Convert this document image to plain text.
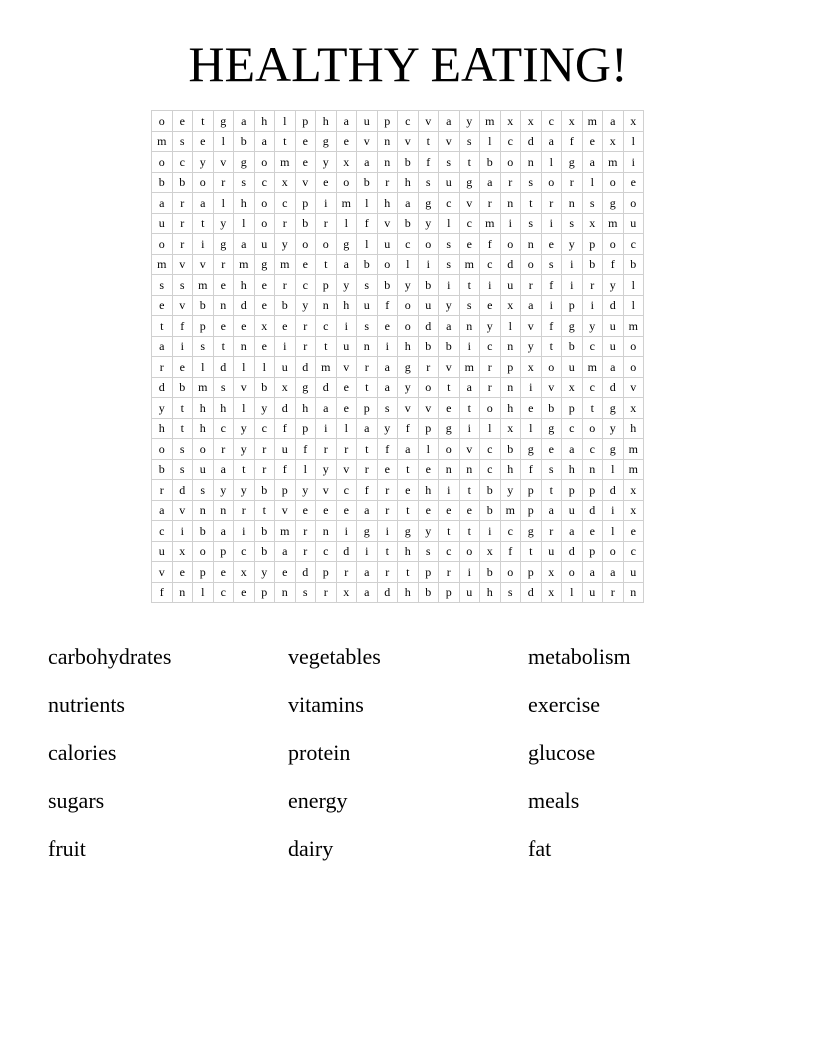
HEALTHY EATING!
o	e	t	g	a	h	l	p	h	a	u	p	c	v	a	y	m	x	x	c	x	m	a	x
m	s	e	l	b	a	t	e	g	e	v	n	v	t	v	s	l	c	d	a	f	e	x	l
o	c	y	v	g	o	m	e	y	x	a	n	b	f	s	t	b	o	n	l	g	a	m	i
b	b	o	r	s	c	x	v	e	o	b	r	h	s	u	g	a	r	s	o	r	l	o	e
a	r	a	l	h	o	c	p	i	m	l	h	a	g	c	v	r	n	t	r	n	s	g	o
u	r	t	y	l	o	r	b	r	l	f	v	b	y	l	c	m	i	s	i	s	x	m	u
o	r	i	g	a	u	y	o	o	g	l	u	c	o	s	e	f	o	n	e	y	p	o	c
m	v	v	r	m	g	m	e	t	a	b	o	l	i	s	m	c	d	o	s	i	b	f	b
s	s	m	e	h	e	r	c	p	y	s	b	y	b	i	t	i	u	r	f	i	r	y	l
e	v	b	n	d	e	b	y	n	h	u	f	o	u	y	s	e	x	a	i	p	i	d	l
t	f	p	e	e	x	e	r	c	i	s	e	o	d	a	n	y	l	v	f	g	y	u	m
a	i	s	t	n	e	i	r	t	u	n	i	h	b	b	i	c	n	y	t	b	c	u	o
r	e	l	d	l	l	u	d	m	v	r	a	g	r	v	m	r	p	x	o	u	m	a	o
d	b	m	s	v	b	x	g	d	e	t	a	y	o	t	a	r	n	i	v	x	c	d	v
y	t	h	h	l	y	d	h	a	e	p	s	v	v	e	t	o	h	e	b	p	t	g	x
h	t	h	c	y	c	f	p	i	l	a	y	f	p	g	i	l	x	l	g	c	o	y	h
o	s	o	r	y	r	u	f	r	r	t	f	a	l	o	v	c	b	g	e	a	c	g	m
b	s	u	a	t	r	f	l	y	v	r	e	t	e	n	n	c	h	f	s	h	n	l	m
r	d	s	y	y	b	p	y	v	c	f	r	e	h	i	t	b	y	p	t	p	p	d	x
a	v	n	n	r	t	v	e	e	e	a	r	t	e	e	e	b	m	p	a	u	d	i	x
c	i	b	a	i	b	m	r	n	i	g	i	g	y	t	t	i	c	g	r	a	e	l	e
u	x	o	p	c	b	a	r	c	d	i	t	h	s	c	o	x	f	t	u	d	p	o	c
v	e	p	e	x	y	e	d	p	r	a	r	t	p	r	i	b	o	p	x	o	a	a	u
f	n	l	c	e	p	n	s	r	x	a	d	h	b	p	u	h	s	d	x	l	u	r	n
carbohydrates	vegetables	metabolism
nutrients	vitamins	exercise
calories	protein	glucose
sugars	energy	meals
fruit	dairy	fat
